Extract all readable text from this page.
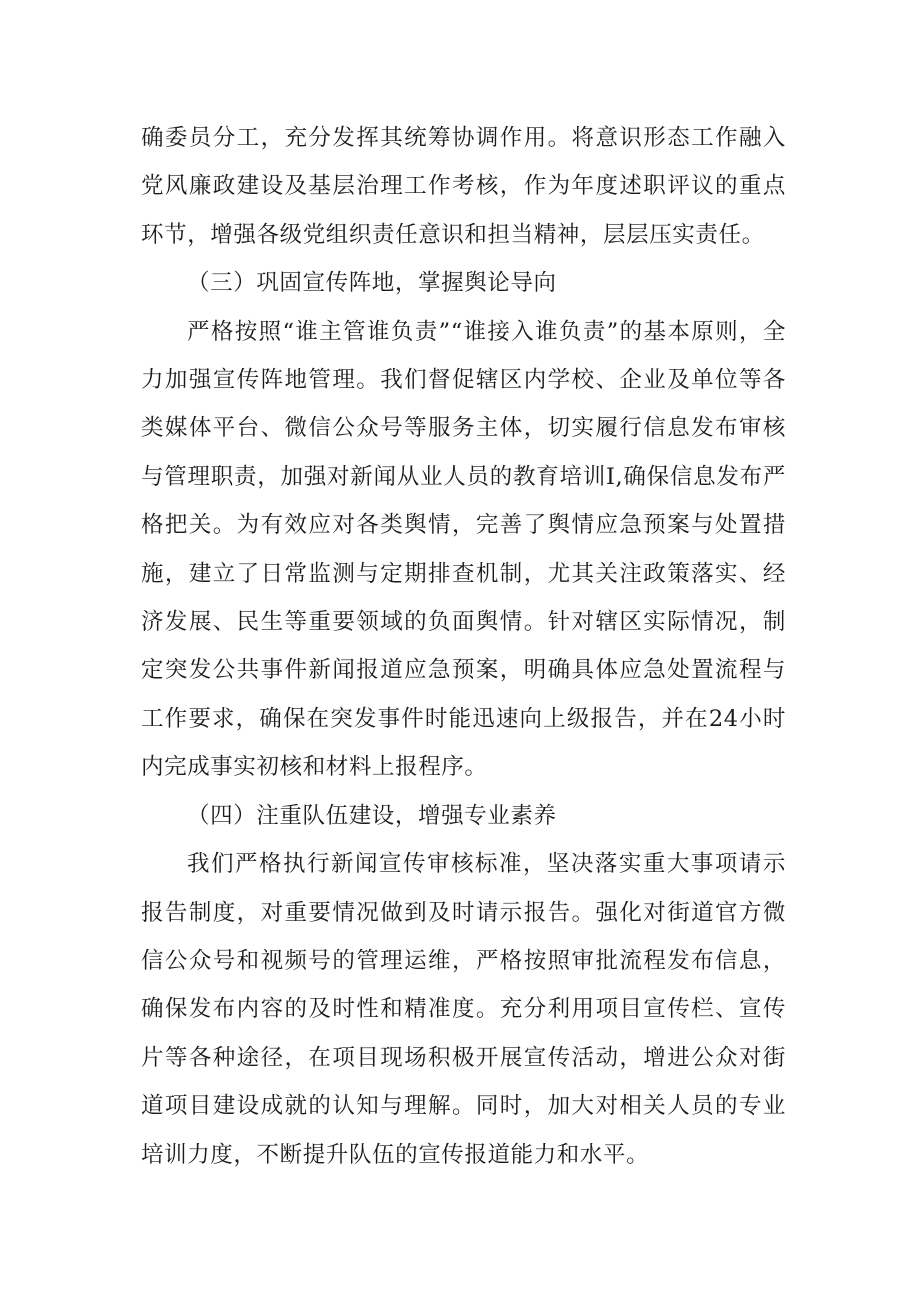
确委员分工，充分发挥其统筹协调作用。将意识形态工作融入党风廉政建设及基层治理工作考核，作为年度述职评议的重点环节，增强各级党组织责任意识和担当精神，层层压实责任。

（三）巩固宣传阵地，掌握舆论导向

严格按照“谁主管谁负责”“谁接入谁负责”的基本原则，全力加强宣传阵地管理。我们督促辖区内学校、企业及单位等各类媒体平台、微信公众号等服务主体，切实履行信息发布审核与管理职责，加强对新闻从业人员的教育培训I,确保信息发布严格把关。为有效应对各类舆情，完善了舆情应急预案与处置措施，建立了日常监测与定期排查机制，尤其关注政策落实、经济发展、民生等重要领域的负面舆情。针对辖区实际情况，制定突发公共事件新闻报道应急预案，明确具体应急处置流程与工作要求，确保在突发事件时能迅速向上级报告，并在24小时内完成事实初核和材料上报程序。

（四）注重队伍建设，增强专业素养

我们严格执行新闻宣传审核标准，坚决落实重大事项请示报告制度，对重要情况做到及时请示报告。强化对街道官方微信公众号和视频号的管理运维，严格按照审批流程发布信息，确保发布内容的及时性和精准度。充分利用项目宣传栏、宣传片等各种途径，在项目现场积极开展宣传活动，增进公众对街道项目建设成就的认知与理解。同时，加大对相关人员的专业培训力度，不断提升队伍的宣传报道能力和水平。
